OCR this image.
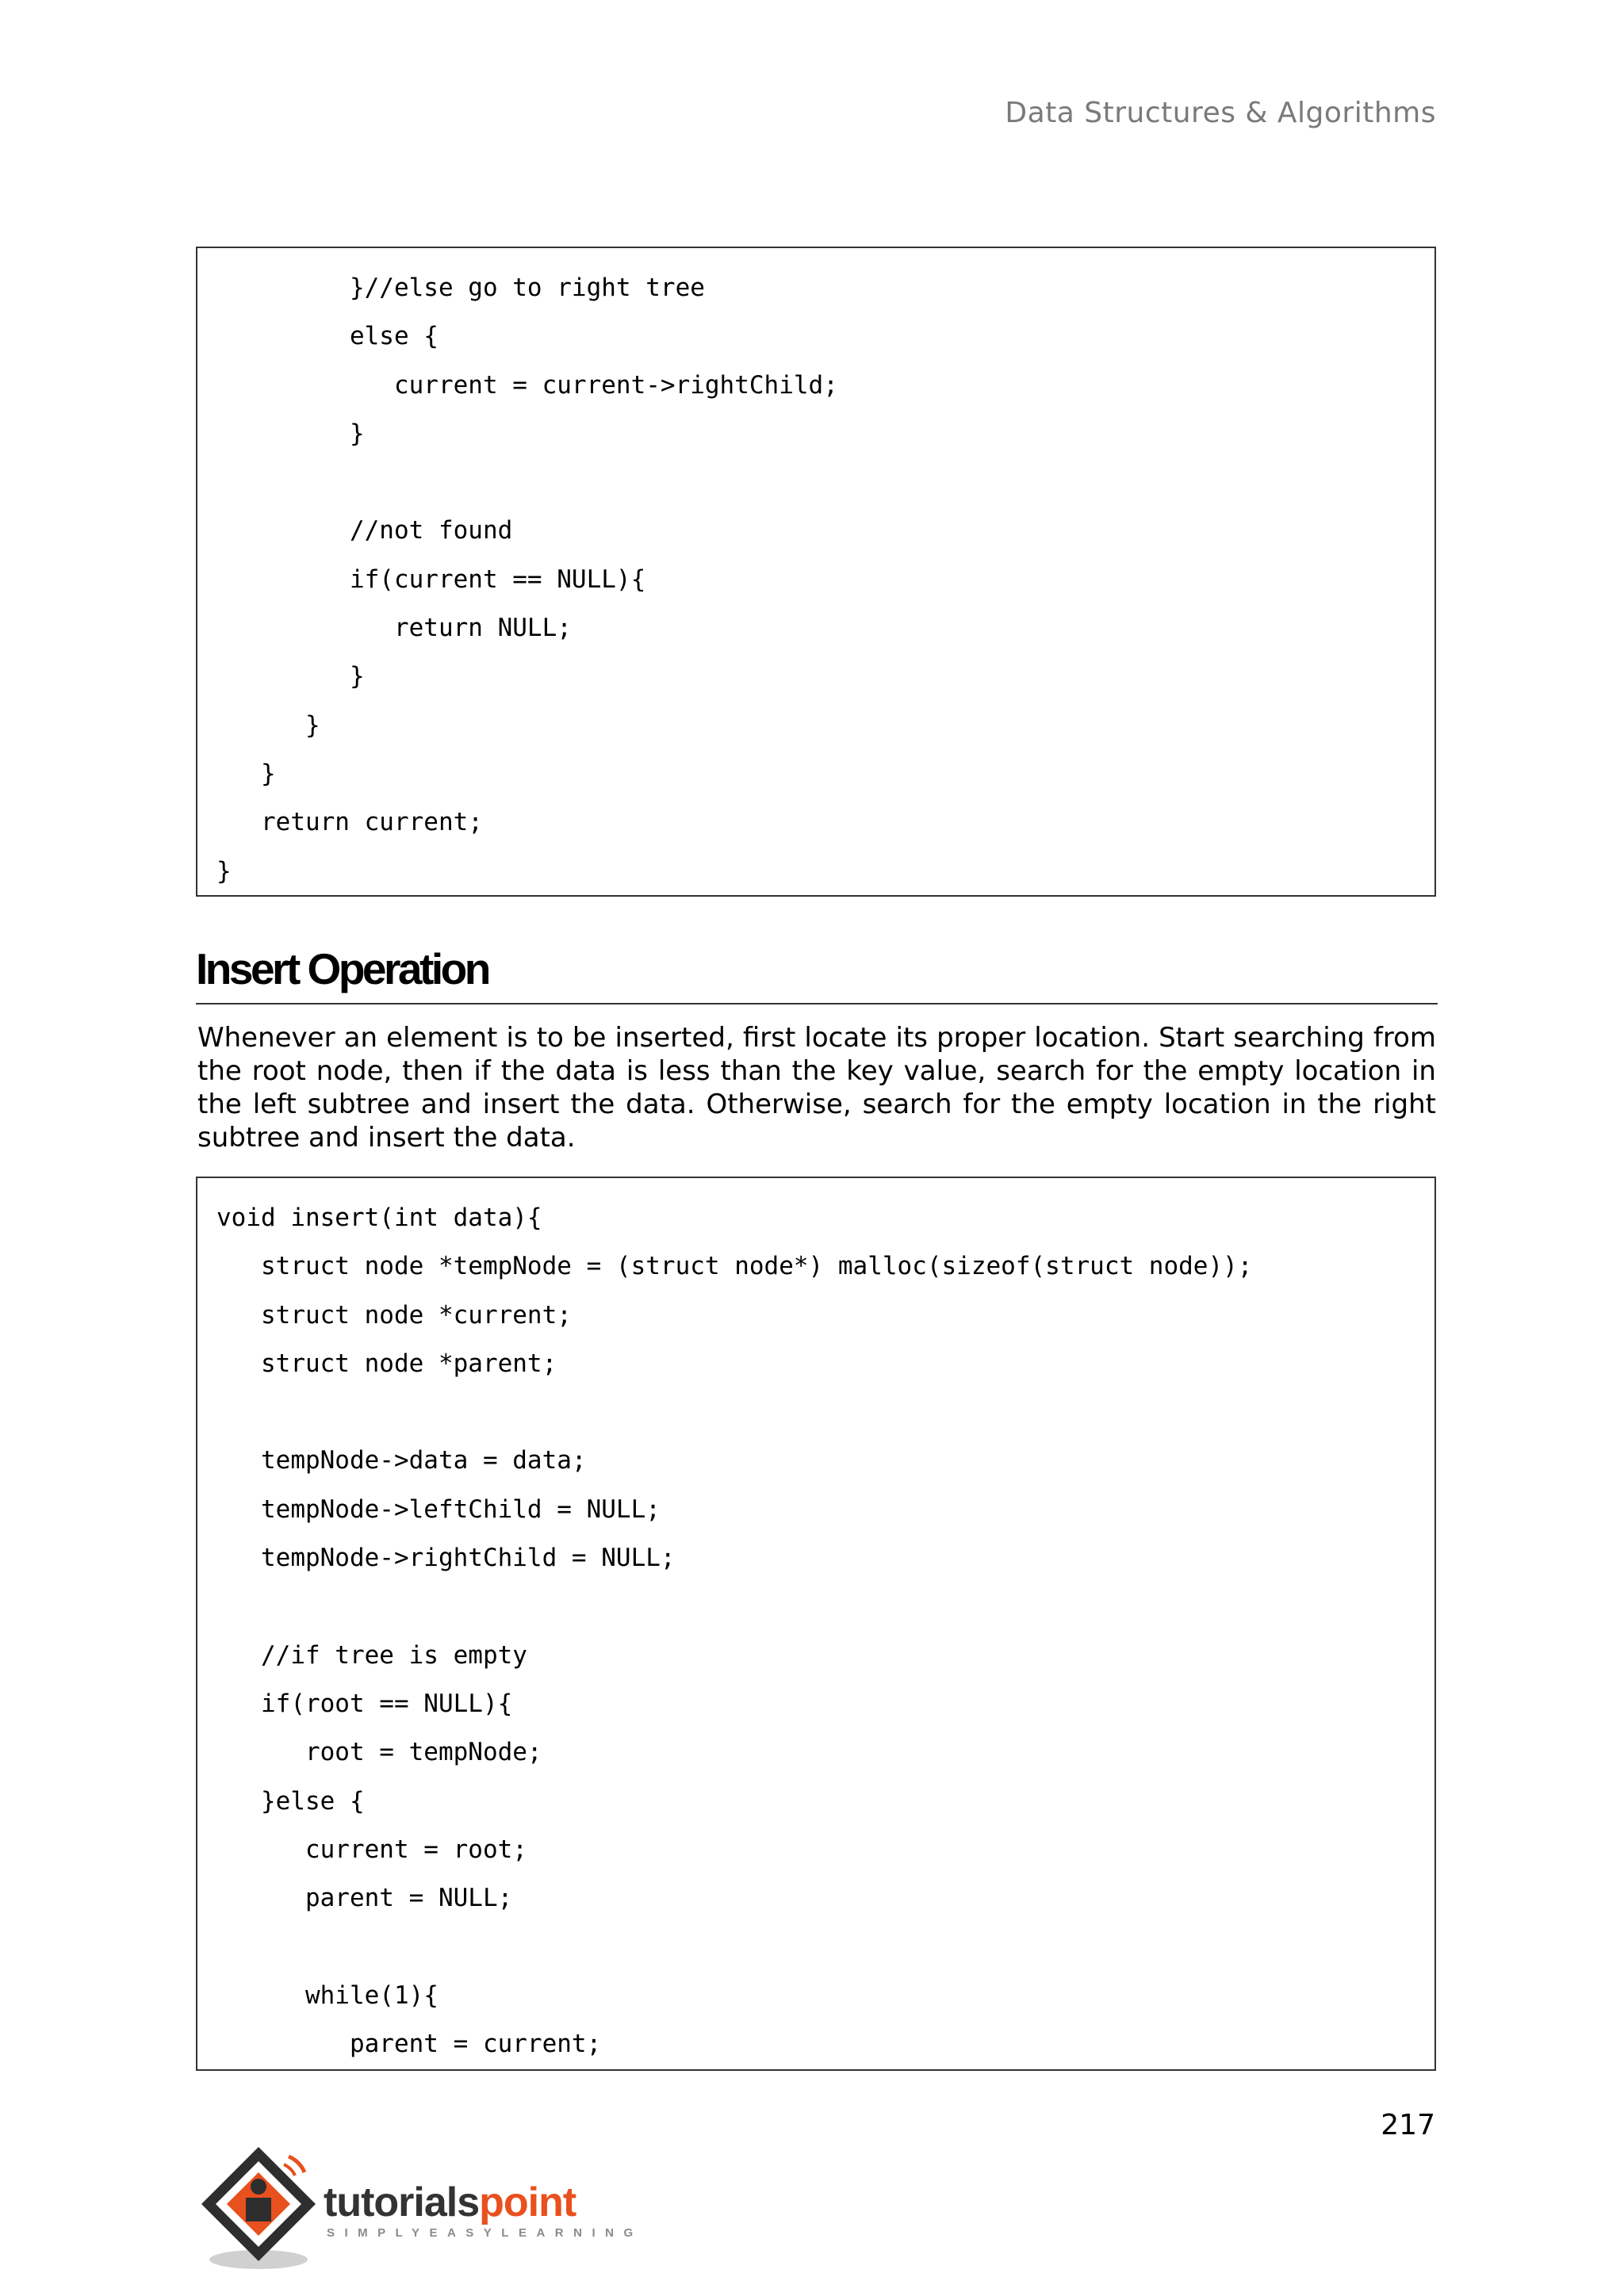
Data Structures & Algorithms
}//else go to right tree
else {
current = current->rightChild;
}
//not found
if(current == NULL){
return NULL;
}
}
}
return current;
}
Insert Operation

Whenever an element is to be inserted, first locate its proper location. Start searching from the root node, then if the data is less than the key value, search for the empty location in the left subtree and insert the data. Otherwise, search for the empty location in the right subtree and insert the data.

void insert(int data){
struct node *tempNode = (struct node*) malloc(sizeof(struct node));
struct node *current;
struct node *parent;
tempNode->data = data;
tempNode->leftChild = NULL;
tempNode->rightChild = NULL;
//if tree is empty
if(root == NULL){
root = tempNode;
}else {
current = root;
parent = NULL;
while(1){
parent = current;
217
tutorialspoint
SIMPLYEASYLEARNING
